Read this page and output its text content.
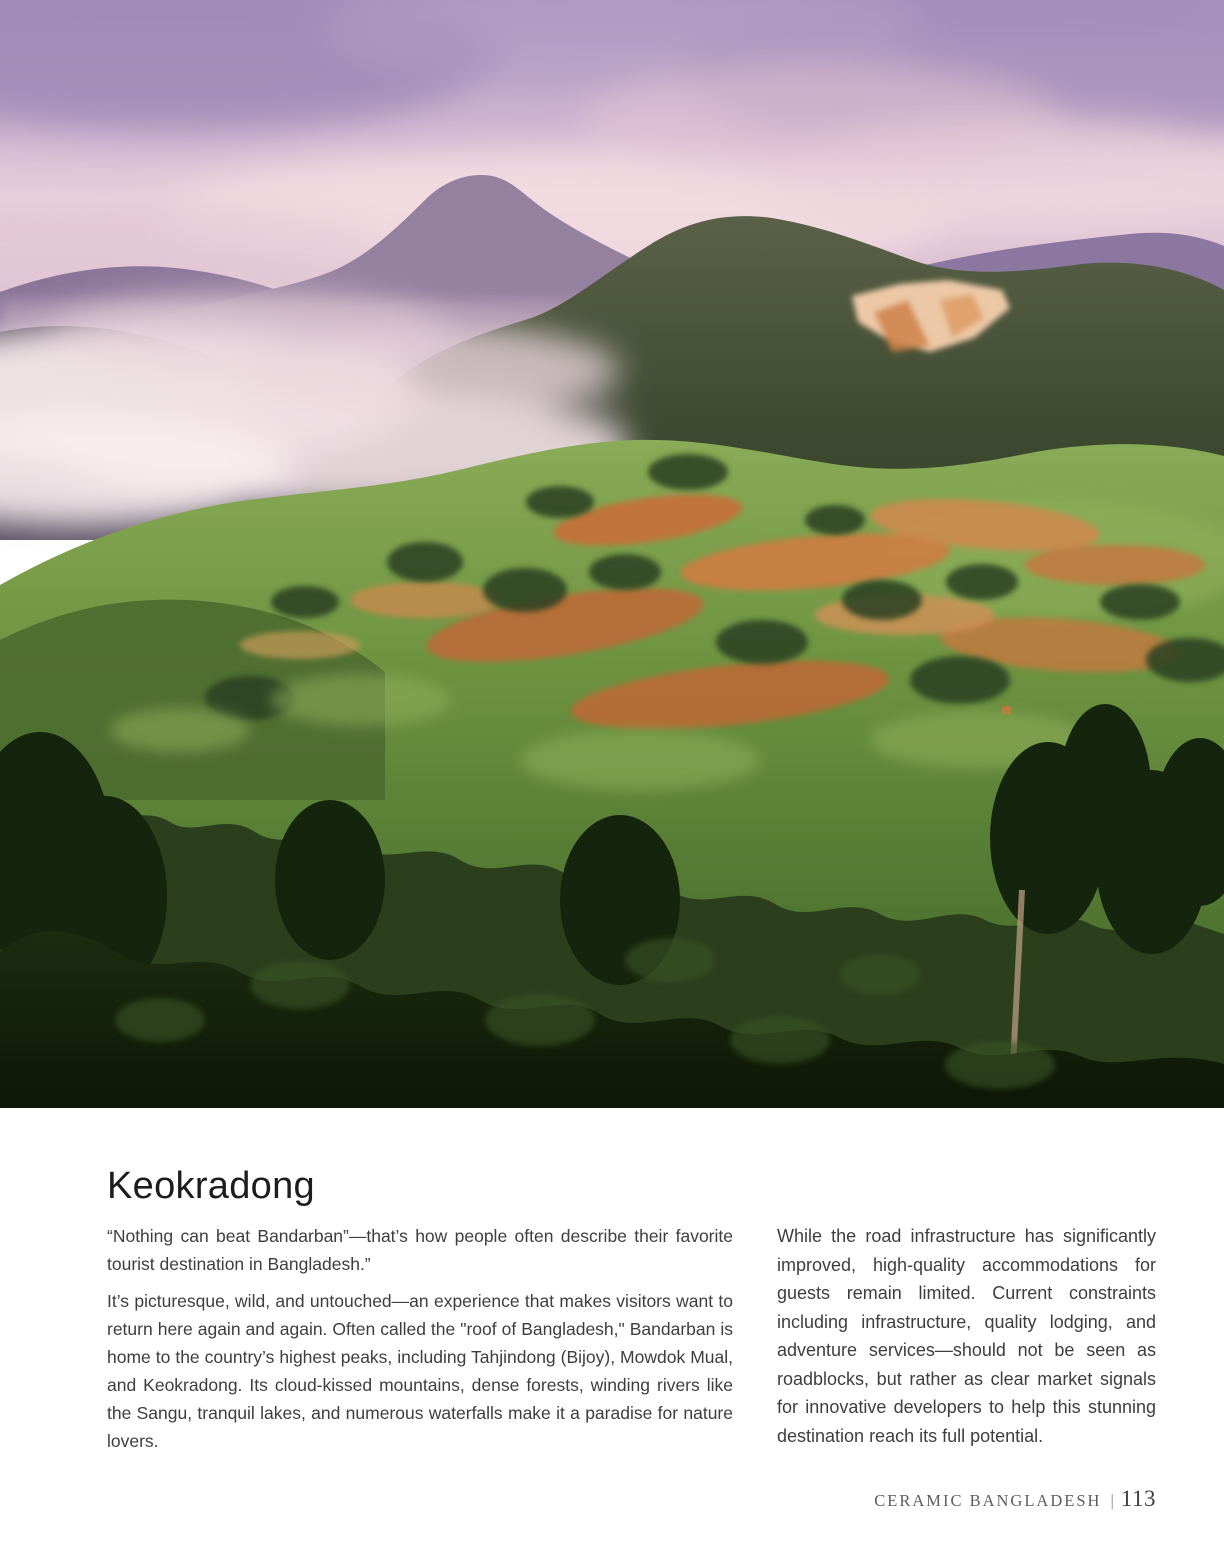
Keokradong

“Nothing can beat Bandarban”—that’s how people often describe their favorite tourist destination in Bangladesh.”

It’s picturesque, wild, and untouched—an experience that makes visitors want to return here again and again. Often called the "roof of Bangladesh," Bandarban is home to the country’s highest peaks, including Tahjindong (Bijoy), Mowdok Mual, and Keokradong. Its cloud-kissed mountains, dense forests, winding rivers like the Sangu, tranquil lakes, and numerous waterfalls make it a paradise for nature lovers.

While the road infrastructure has significantly improved, high-quality accommodations for guests remain limited. Current constraints including infrastructure, quality lodging, and adventure services—should not be seen as roadblocks, but rather as clear market signals for innovative developers to help this stunning destination reach its full potential.

CERAMIC BANGLADESH | 113
